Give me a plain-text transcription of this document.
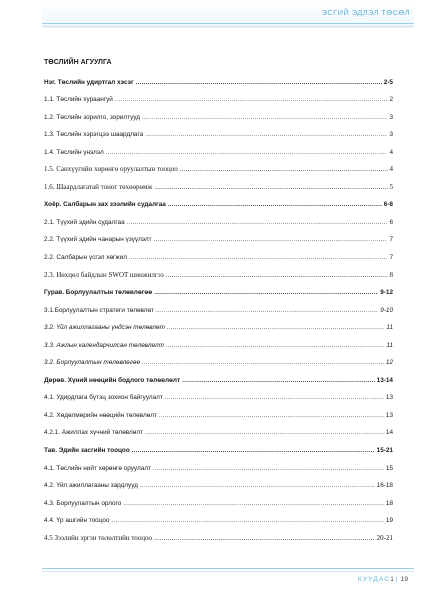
ЭСГИЙ ЭДЛЭЛ ТӨСӨЛ
ТӨСЛИЙН АГУУЛГА
Нэг. Төслийн удиртгал хэсэг .....	2-5
1.1. Төслийн хураангуй .....	2
1.2. Төслийн зорилго, зорилтууд .....	3
1.3. Төслийн хэрэгцээ шаардлага .....	3
1.4. Төслийн үнэлэл .....	4
1.5. Санхүүгийн хөрөнгө оруулалтын тооцоо .....	4
1.6. Шаардлагатай тоног төхөөрөмж .....	5
Хоёр. Салбарын зах зээлийн судалгаа .....	6-8
2.1. Түүхий эдийн судалгаа .....	6
2.2. Түүхий эдийн чанарын үзүүлэлт .....	7
2.2. Салбарын үсгэл хөгжил .....	7
2.3. Нөхцөл байдлын SWOT шинжилгээ .....	8
Гурав. Борлуулалтын төлөвлөгөө .....	9-12
3.1.Борлуулалтын стратеги төлөвлөт .....	9-10
3.2. Үйл ажиллагааны үндсэн төлөвлөт .....	11
3.3. Ажлын календарчилсан төлөвлөлт .....	11
3.2. Борлуулалтын төлөвлөгөө .....	12
Дөрөв. Хүний нөөцийн бодлого төлөвлөлт .....	13-14
4.1. Удирдлага бүтэц зохион байгуулалт .....	13
4.2. Хөдөлмөрийн нөөцийн төлөвлөлт .....	13
4.2.1. Ажиллах хүчний төлөвлөлт .....	14
Тав. Эдийн засгийн тооцоо .....	15-21
4.1. Төслийн нийт хөрөнгө оруулалт .....	15
4.2. Үйл ажиллагааны зардлууд .....	16-18
4.3. Борлуулалтын орлого .....	18
4.4. Үр ашгийн тооцоо .....	19
4.5 Зээлийн эргэн төлөлтийн тооцоо .....	20-21
КУУДАС1 | 19
